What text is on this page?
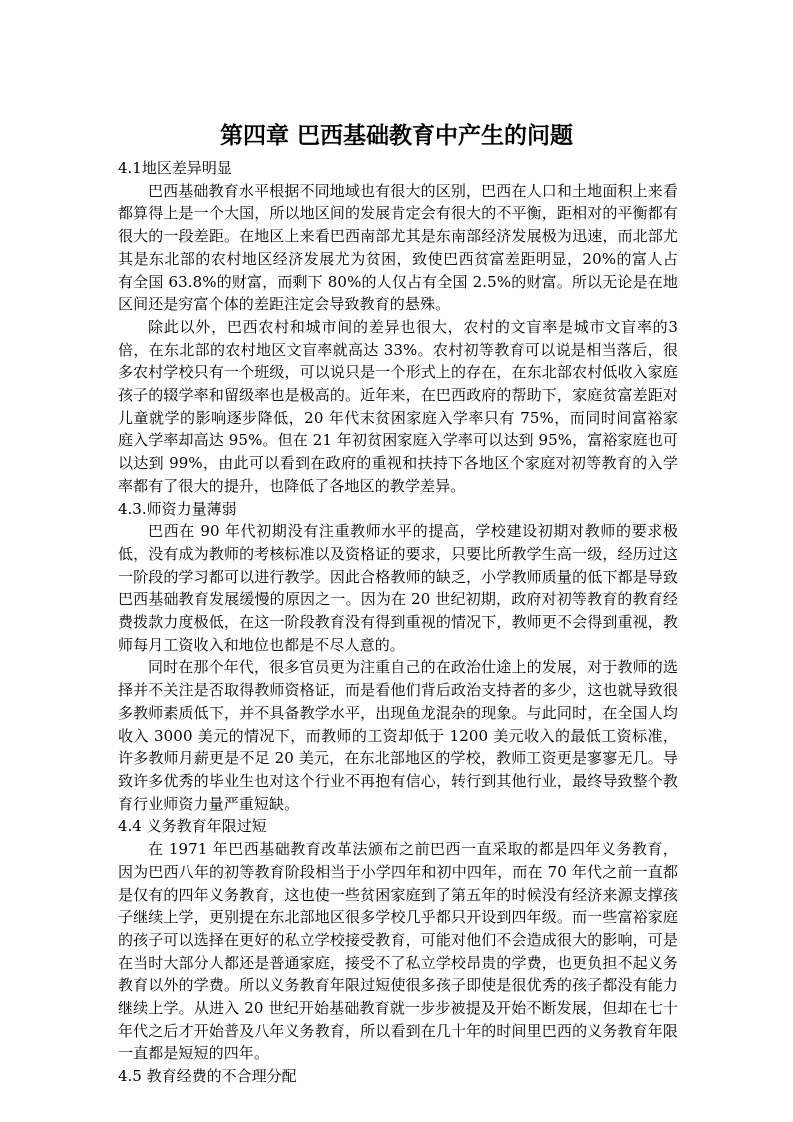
第四章 巴西基础教育中产生的问题
4.1地区差异明显

巴西基础教育水平根据不同地域也有很大的区别，巴西在人口和土地面积上来看都算得上是一个大国，所以地区间的发展肯定会有很大的不平衡，距相对的平衡都有很大的一段差距。在地区上来看巴西南部尤其是东南部经济发展极为迅速，而北部尤其是东北部的农村地区经济发展尤为贫困，致使巴西贫富差距明显，20%的富人占有全国 63.8%的财富，而剩下 80%的人仅占有全国 2.5%的财富。所以无论是在地区间还是穷富个体的差距注定会导致教育的悬殊。

除此以外，巴西农村和城市间的差异也很大，农村的文盲率是城市文盲率的3 倍，在东北部的农村地区文盲率就高达 33%。农村初等教育可以说是相当落后，很多农村学校只有一个班级，可以说只是一个形式上的存在，在东北部农村低收入家庭孩子的辍学率和留级率也是极高的。近年来，在巴西政府的帮助下，家庭贫富差距对儿童就学的影响逐步降低，20 年代末贫困家庭入学率只有 75%，而同时间富裕家庭入学率却高达 95%。但在 21 年初贫困家庭入学率可以达到 95%，富裕家庭也可以达到 99%，由此可以看到在政府的重视和扶持下各地区个家庭对初等教育的入学率都有了很大的提升，也降低了各地区的教学差异。

4.3.师资力量薄弱

巴西在 90 年代初期没有注重教师水平的提高，学校建设初期对教师的要求极低，没有成为教师的考核标准以及资格证的要求，只要比所教学生高一级，经历过这一阶段的学习都可以进行教学。因此合格教师的缺乏，小学教师质量的低下都是导致巴西基础教育发展缓慢的原因之一。因为在 20 世纪初期，政府对初等教育的教育经费拨款力度极低，在这一阶段教育没有得到重视的情况下，教师更不会得到重视，教师每月工资收入和地位也都是不尽人意的。

同时在那个年代，很多官员更为注重自己的在政治仕途上的发展，对于教师的选择并不关注是否取得教师资格证，而是看他们背后政治支持者的多少，这也就导致很多教师素质低下，并不具备教学水平，出现鱼龙混杂的现象。与此同时，在全国人均收入 3000 美元的情况下，而教师的工资却低于 1200 美元收入的最低工资标准，许多教师月薪更是不足 20 美元，在东北部地区的学校，教师工资更是寥寥无几。导致许多优秀的毕业生也对这个行业不再抱有信心，转行到其他行业，最终导致整个教育行业师资力量严重短缺。

4.4 义务教育年限过短

在 1971 年巴西基础教育改革法颁布之前巴西一直采取的都是四年义务教育，因为巴西八年的初等教育阶段相当于小学四年和初中四年，而在 70 年代之前一直都是仅有的四年义务教育，这也使一些贫困家庭到了第五年的时候没有经济来源支撑孩子继续上学，更别提在东北部地区很多学校几乎都只开设到四年级。而一些富裕家庭的孩子可以选择在更好的私立学校接受教育，可能对他们不会造成很大的影响，可是在当时大部分人都还是普通家庭，接受不了私立学校昂贵的学费，也更负担不起义务教育以外的学费。所以义务教育年限过短使很多孩子即使是很优秀的孩子都没有能力继续上学。从进入 20 世纪开始基础教育就一步步被提及开始不断发展，但却在七十年代之后才开始普及八年义务教育，所以看到在几十年的时间里巴西的义务教育年限一直都是短短的四年。

4.5 教育经费的不合理分配
